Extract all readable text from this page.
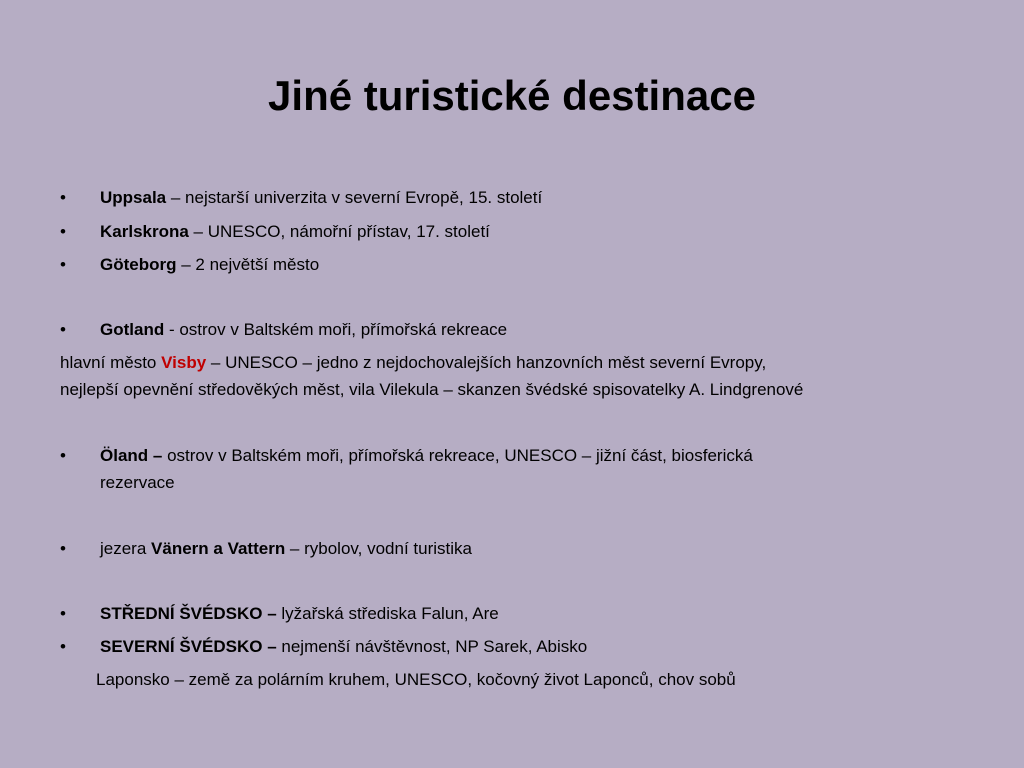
Jiné turistické destinace
• Uppsala – nejstarší univerzita v severní Evropě, 15. století
• Karlskrona – UNESCO, námořní přístav, 17. století
• Göteborg – 2 největší město
• Gotland - ostrov v Baltském moři, přímořská rekreace
hlavní město Visby – UNESCO – jedno z nejdochovalejších hanzovních měst severní Evropy,
nejlepší opevnění středověkých měst, vila Vilekula – skanzen švédské spisovatelky A. Lindgrenové
• Öland – ostrov v Baltském moři, přímořská rekreace, UNESCO – jižní část, biosferická
rezervace
• jezera Vänern a Vattern – rybolov, vodní turistika
• STŘEDNÍ ŠVÉDSKO – lyžařská střediska Falun, Are
• SEVERNÍ ŠVÉDSKO – nejmenší návštěvnost, NP Sarek, Abisko
Laponsko – země za polárním kruhem, UNESCO, kočovný život Laponců, chov sobů
